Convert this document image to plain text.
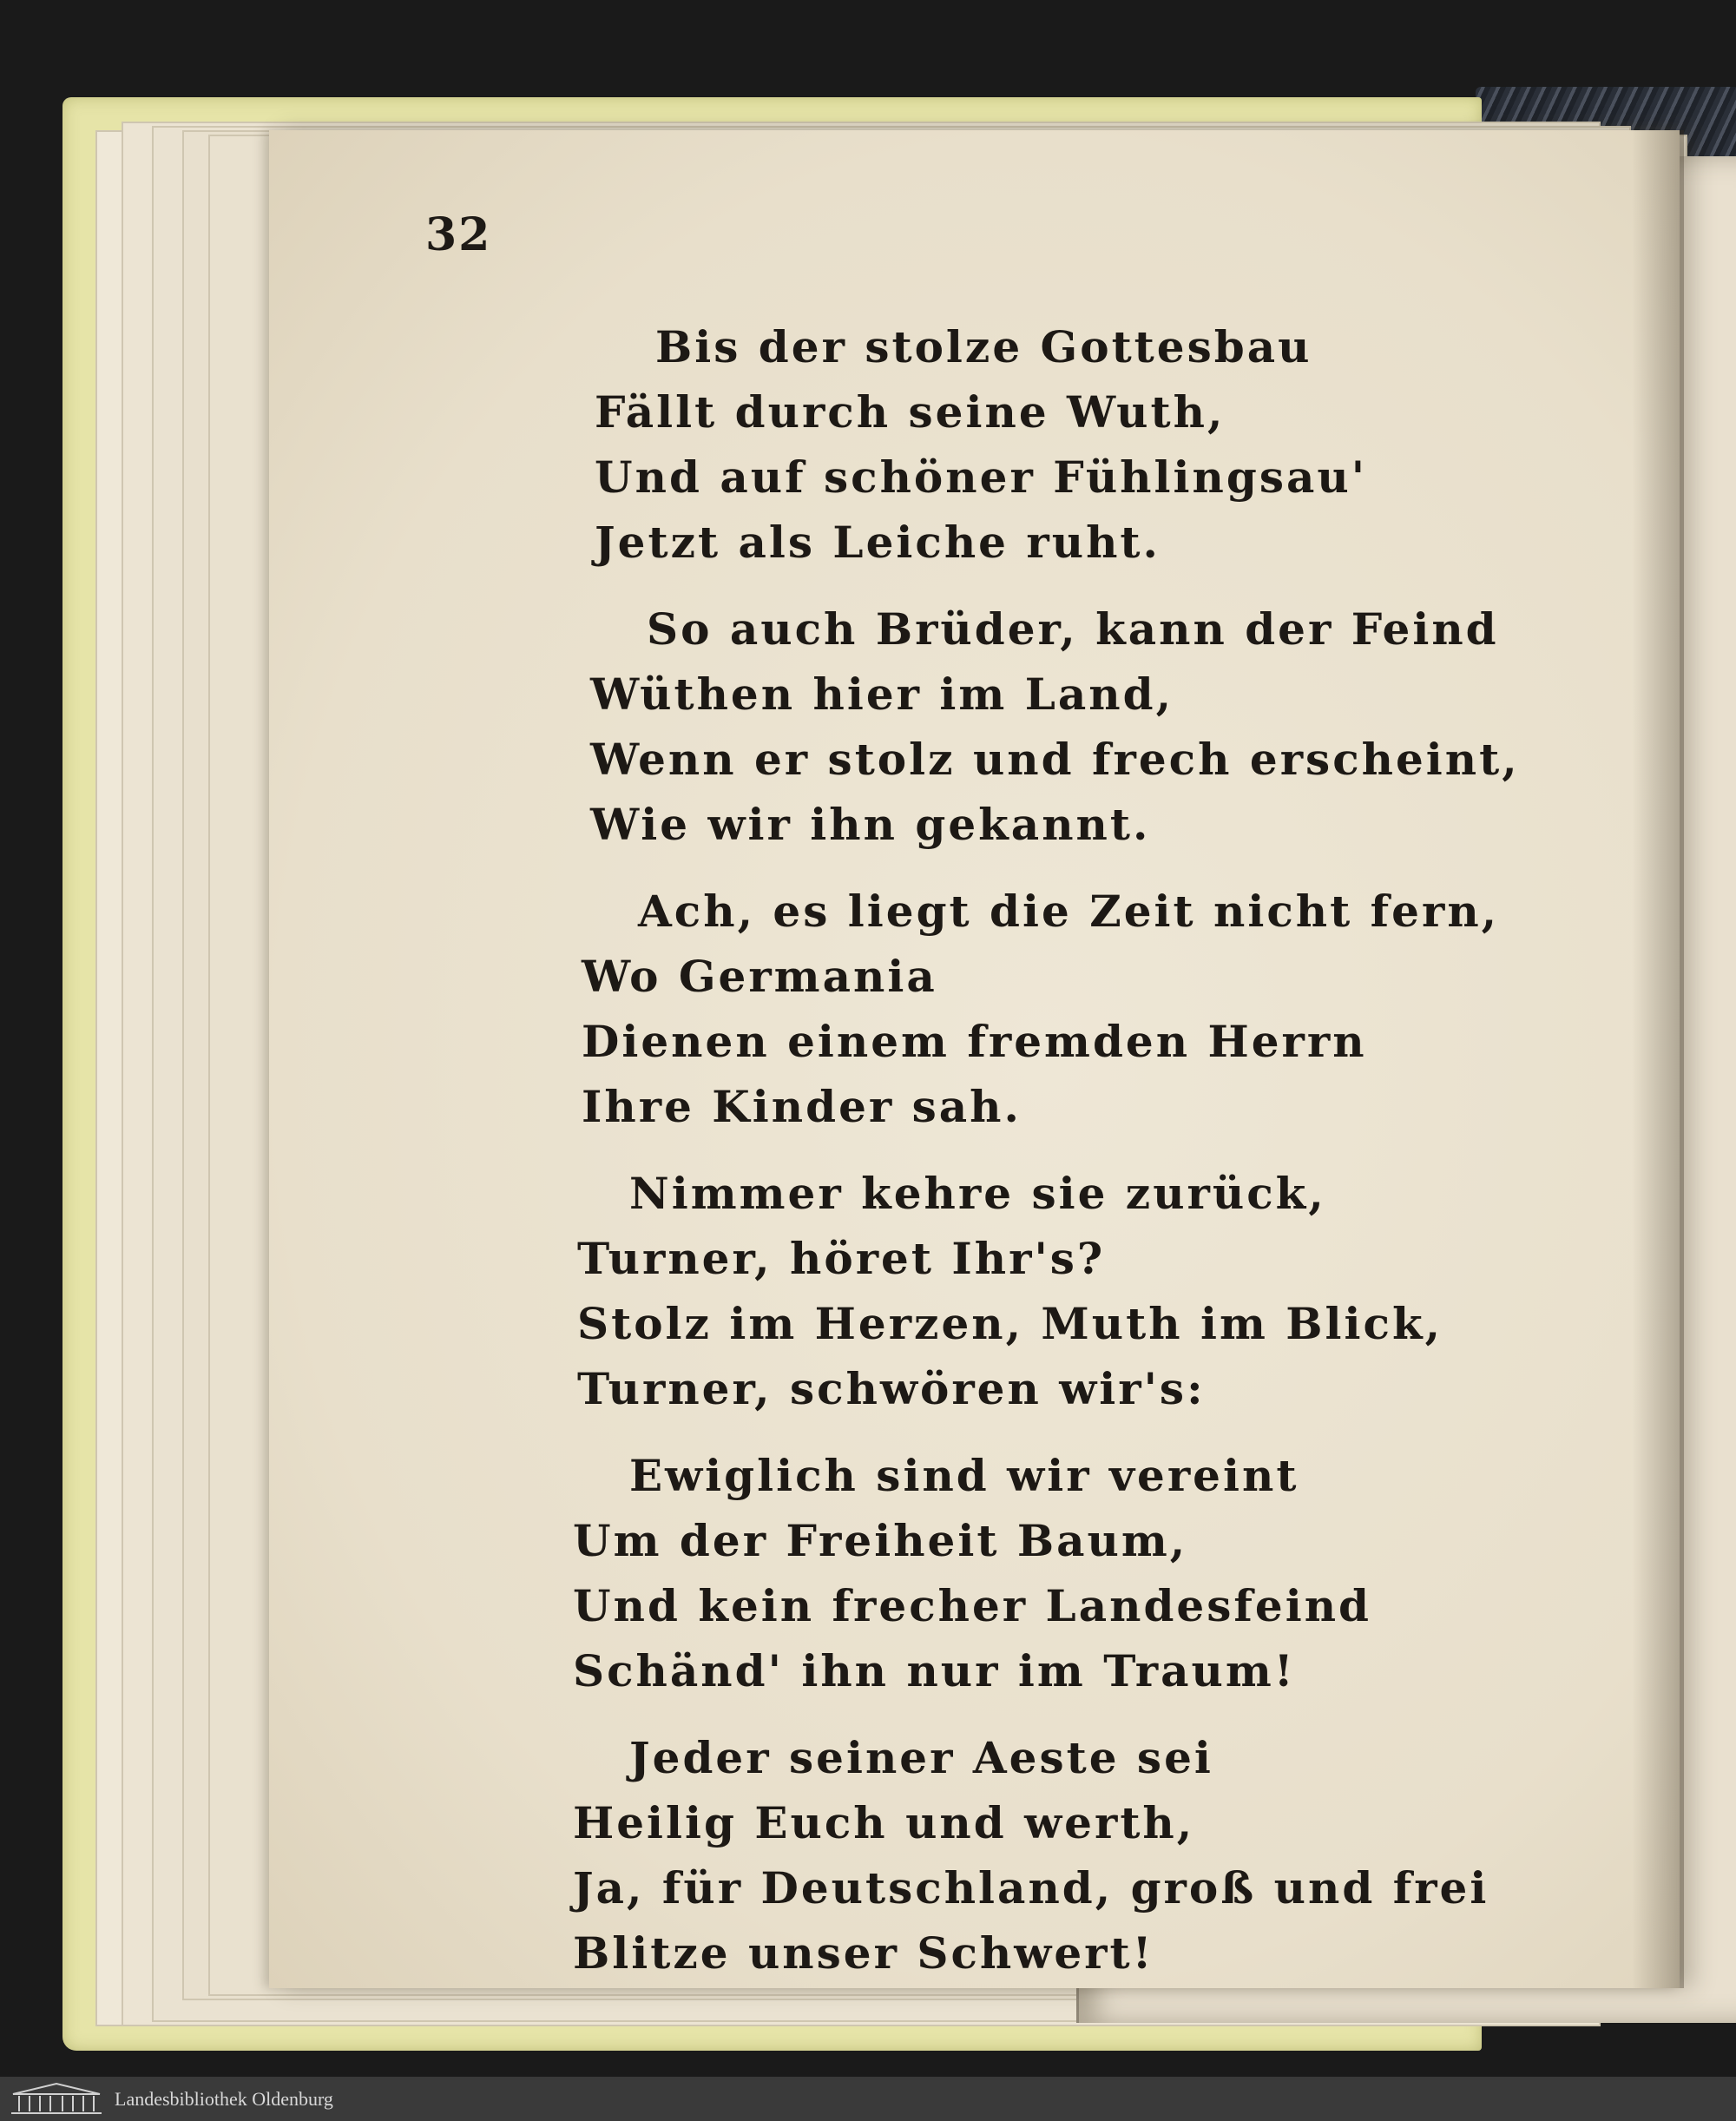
32
Bis der stolze Gottesbau
Fällt durch seine Wuth,
Und auf schöner Fühlingsau'
Jetzt als Leiche ruht.
So auch Brüder, kann der Feind
Wüthen hier im Land,
Wenn er stolz und frech erscheint,
Wie wir ihn gekannt.
Ach, es liegt die Zeit nicht fern,
Wo Germania
Dienen einem fremden Herrn
Ihre Kinder sah.
Nimmer kehre sie zurück,
Turner, höret Ihr's?
Stolz im Herzen, Muth im Blick,
Turner, schwören wir's:
Ewiglich sind wir vereint
Um der Freiheit Baum,
Und kein frecher Landesfeind
Schänd' ihn nur im Traum!
Jeder seiner Aeste sei
Heilig Euch und werth,
Ja, für Deutschland, groß und frei
Blitze unser Schwert!
Landesbibliothek Oldenburg
